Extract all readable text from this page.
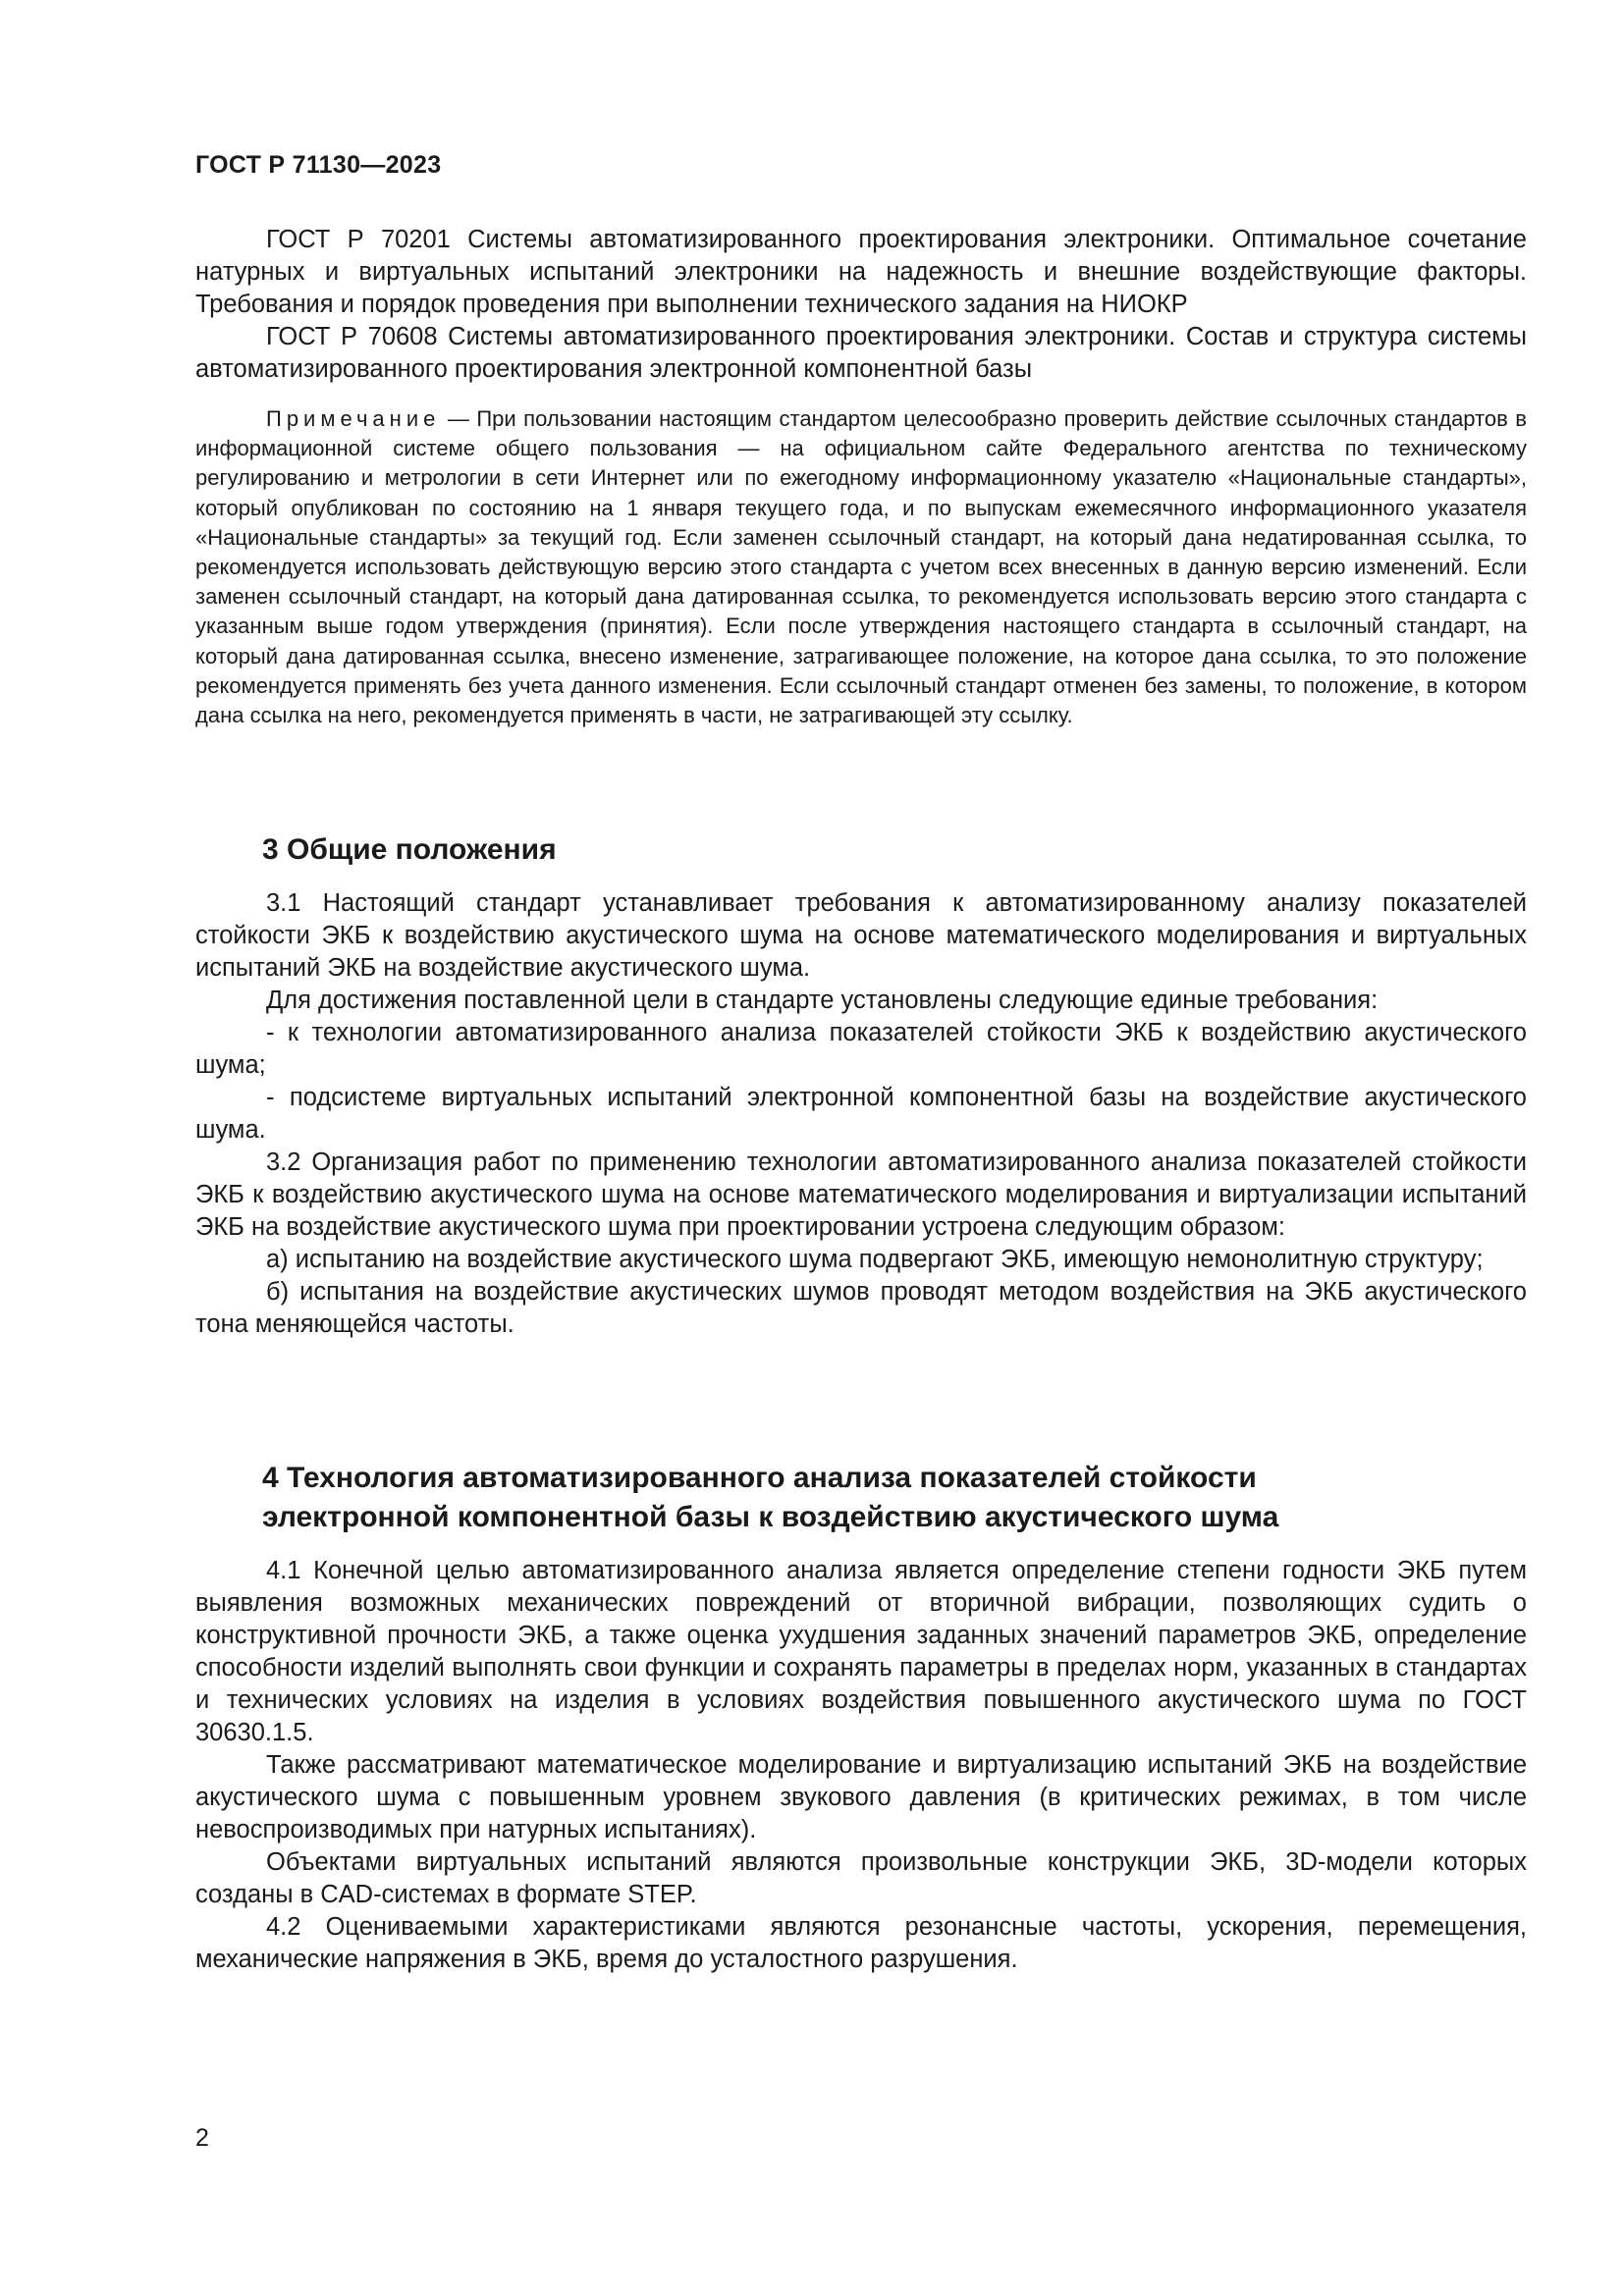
ГОСТ Р 71130—2023

ГОСТ Р 70201 Системы автоматизированного проектирования электроники. Оптимальное сочетание натурных и виртуальных испытаний электроники на надежность и внешние воздействующие факторы. Требования и порядок проведения при выполнении технического задания на НИОКР

ГОСТ Р 70608 Системы автоматизированного проектирования электроники. Состав и структура системы автоматизированного проектирования электронной компонентной базы

Примечание — При пользовании настоящим стандартом целесообразно проверить действие ссылочных стандартов в информационной системе общего пользования — на официальном сайте Федерального агентства по техническому регулированию и метрологии в сети Интернет или по ежегодному информационному указателю «Национальные стандарты», который опубликован по состоянию на 1 января текущего года, и по выпускам ежемесячного информационного указателя «Национальные стандарты» за текущий год. Если заменен ссылочный стандарт, на который дана недатированная ссылка, то рекомендуется использовать действующую версию этого стандарта с учетом всех внесенных в данную версию изменений. Если заменен ссылочный стандарт, на который дана датированная ссылка, то рекомендуется использовать версию этого стандарта с указанным выше годом утверждения (принятия). Если после утверждения настоящего стандарта в ссылочный стандарт, на который дана датированная ссылка, внесено изменение, затрагивающее положение, на которое дана ссылка, то это положение рекомендуется применять без учета данного изменения. Если ссылочный стандарт отменен без замены, то положение, в котором дана ссылка на него, рекомендуется применять в части, не затрагивающей эту ссылку.

3 Общие положения

3.1 Настоящий стандарт устанавливает требования к автоматизированному анализу показателей стойкости ЭКБ к воздействию акустического шума на основе математического моделирования и виртуальных испытаний ЭКБ на воздействие акустического шума.

Для достижения поставленной цели в стандарте установлены следующие единые требования:

- к технологии автоматизированного анализа показателей стойкости ЭКБ к воздействию акустического шума;

- подсистеме виртуальных испытаний электронной компонентной базы на воздействие акустического шума.

3.2 Организация работ по применению технологии автоматизированного анализа показателей стойкости ЭКБ к воздействию акустического шума на основе математического моделирования и виртуализации испытаний ЭКБ на воздействие акустического шума при проектировании устроена следующим образом:

а) испытанию на воздействие акустического шума подвергают ЭКБ, имеющую немонолитную структуру;

б) испытания на воздействие акустических шумов проводят методом воздействия на ЭКБ акустического тона меняющейся частоты.

4 Технология автоматизированного анализа показателей стойкости
электронной компонентной базы к воздействию акустического шума

4.1 Конечной целью автоматизированного анализа является определение степени годности ЭКБ путем выявления возможных механических повреждений от вторичной вибрации, позволяющих судить о конструктивной прочности ЭКБ, а также оценка ухудшения заданных значений параметров ЭКБ, определение способности изделий выполнять свои функции и сохранять параметры в пределах норм, указанных в стандартах и технических условиях на изделия в условиях воздействия повышенного акустического шума по ГОСТ 30630.1.5.

Также рассматривают математическое моделирование и виртуализацию испытаний ЭКБ на воздействие акустического шума с повышенным уровнем звукового давления (в критических режимах, в том числе невоспроизводимых при натурных испытаниях).

Объектами виртуальных испытаний являются произвольные конструкции ЭКБ, 3D-модели которых созданы в CAD-системах в формате STEP.

4.2 Оцениваемыми характеристиками являются резонансные частоты, ускорения, перемещения, механические напряжения в ЭКБ, время до усталостного разрушения.

2
